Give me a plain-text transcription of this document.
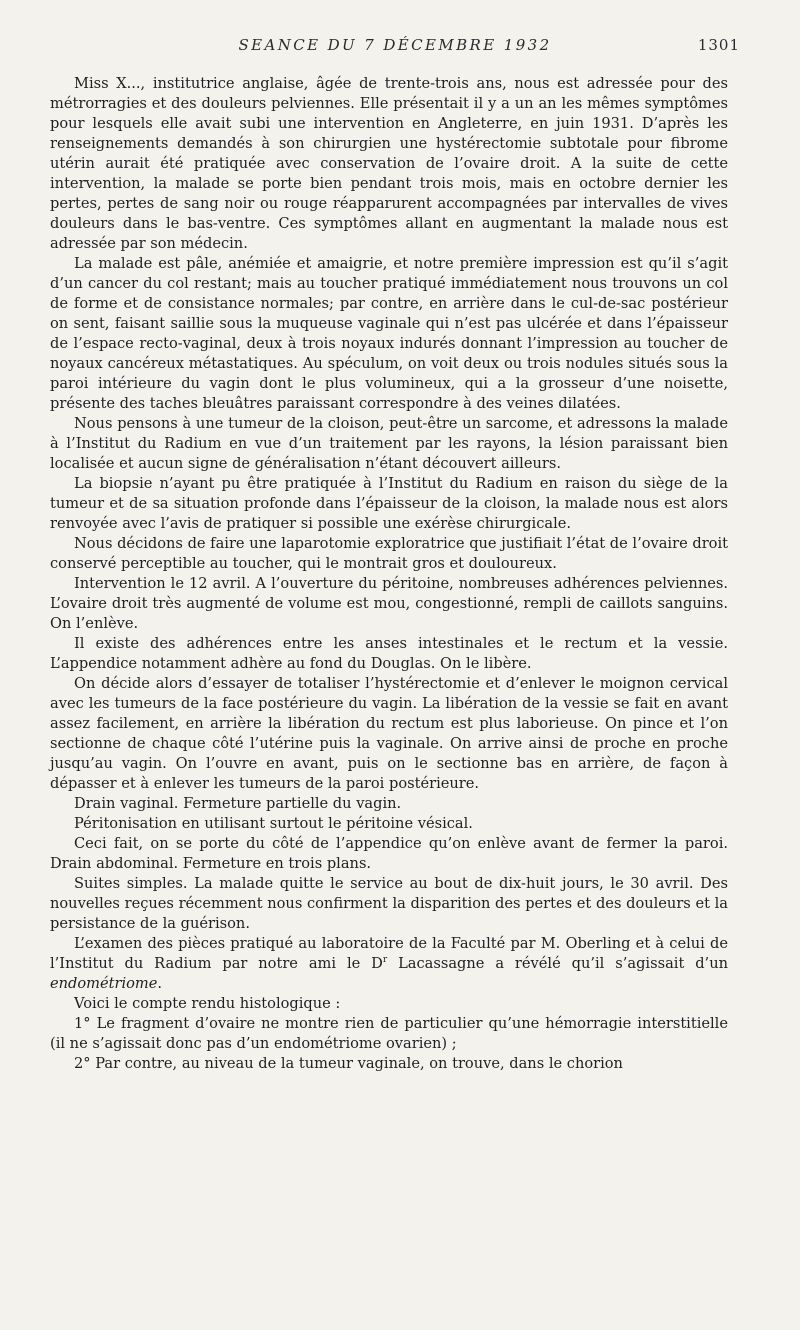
SEANCE DU 7 DÉCEMBRE 1932	1301

Miss X..., institutrice anglaise, âgée de trente-trois ans, nous est adressée pour des métrorragies et des douleurs pelviennes. Elle présentait il y a un an les mêmes symptômes pour lesquels elle avait subi une intervention en Angleterre, en juin 1931. D’après les renseignements demandés à son chirurgien une hystérectomie subtotale pour fibrome utérin aurait été pratiquée avec conservation de l’ovaire droit. A la suite de cette intervention, la malade se porte bien pendant trois mois, mais en octobre dernier les pertes, pertes de sang noir ou rouge réapparurent accompagnées par intervalles de vives douleurs dans le bas-ventre. Ces symptômes allant en augmentant la malade nous est adressée par son médecin.

La malade est pâle, anémiée et amaigrie, et notre première impression est qu’il s’agit d’un cancer du col restant; mais au toucher pratiqué immédiatement nous trouvons un col de forme et de consistance normales; par contre, en arrière dans le cul-de-sac postérieur on sent, faisant saillie sous la muqueuse vaginale qui n’est pas ulcérée et dans l’épaisseur de l’espace recto-vaginal, deux à trois noyaux indurés donnant l’impression au toucher de noyaux cancéreux métastatiques. Au spéculum, on voit deux ou trois nodules situés sous la paroi intérieure du vagin dont le plus volumineux, qui a la grosseur d’une noisette, présente des taches bleuâtres paraissant correspondre à des veines dilatées.

Nous pensons à une tumeur de la cloison, peut-être un sarcome, et adressons la malade à l’Institut du Radium en vue d’un traitement par les rayons, la lésion paraissant bien localisée et aucun signe de généralisation n’étant découvert ailleurs.

La biopsie n’ayant pu être pratiquée à l’Institut du Radium en raison du siège de la tumeur et de sa situation profonde dans l’épaisseur de la cloison, la malade nous est alors renvoyée avec l’avis de pratiquer si possible une exérèse chirurgicale.

Nous décidons de faire une laparotomie exploratrice que justifiait l’état de l’ovaire droit conservé perceptible au toucher, qui le montrait gros et douloureux.

Intervention le 12 avril. A l’ouverture du péritoine, nombreuses adhérences pelviennes. L’ovaire droit très augmenté de volume est mou, congestionné, rempli de caillots sanguins. On l’enlève.

Il existe des adhérences entre les anses intestinales et le rectum et la vessie. L’appendice notamment adhère au fond du Douglas. On le libère.

On décide alors d’essayer de totaliser l’hystérectomie et d’enlever le moignon cervical avec les tumeurs de la face postérieure du vagin. La libération de la vessie se fait en avant assez facilement, en arrière la libération du rectum est plus laborieuse. On pince et l’on sectionne de chaque côté l’utérine puis la vaginale. On arrive ainsi de proche en proche jusqu’au vagin. On l’ouvre en avant, puis on le sectionne bas en arrière, de façon à dépasser et à enlever les tumeurs de la paroi postérieure.

Drain vaginal. Fermeture partielle du vagin.

Péritonisation en utilisant surtout le péritoine vésical.

Ceci fait, on se porte du côté de l’appendice qu’on enlève avant de fermer la paroi. Drain abdominal. Fermeture en trois plans.

Suites simples. La malade quitte le service au bout de dix-huit jours, le 30 avril. Des nouvelles reçues récemment nous confirment la disparition des pertes et des douleurs et la persistance de la guérison.

L’examen des pièces pratiqué au laboratoire de la Faculté par M. Oberling et à celui de l’Institut du Radium par notre ami le $D^r$ Lacassagne a révélé qu’il s’agissait d’un endométriome.

Voici le compte rendu histologique :

1° Le fragment d’ovaire ne montre rien de particulier qu’une hémorragie interstitielle (il ne s’agissait donc pas d’un endométriome ovarien) ;

2° Par contre, au niveau de la tumeur vaginale, on trouve, dans le chorion
